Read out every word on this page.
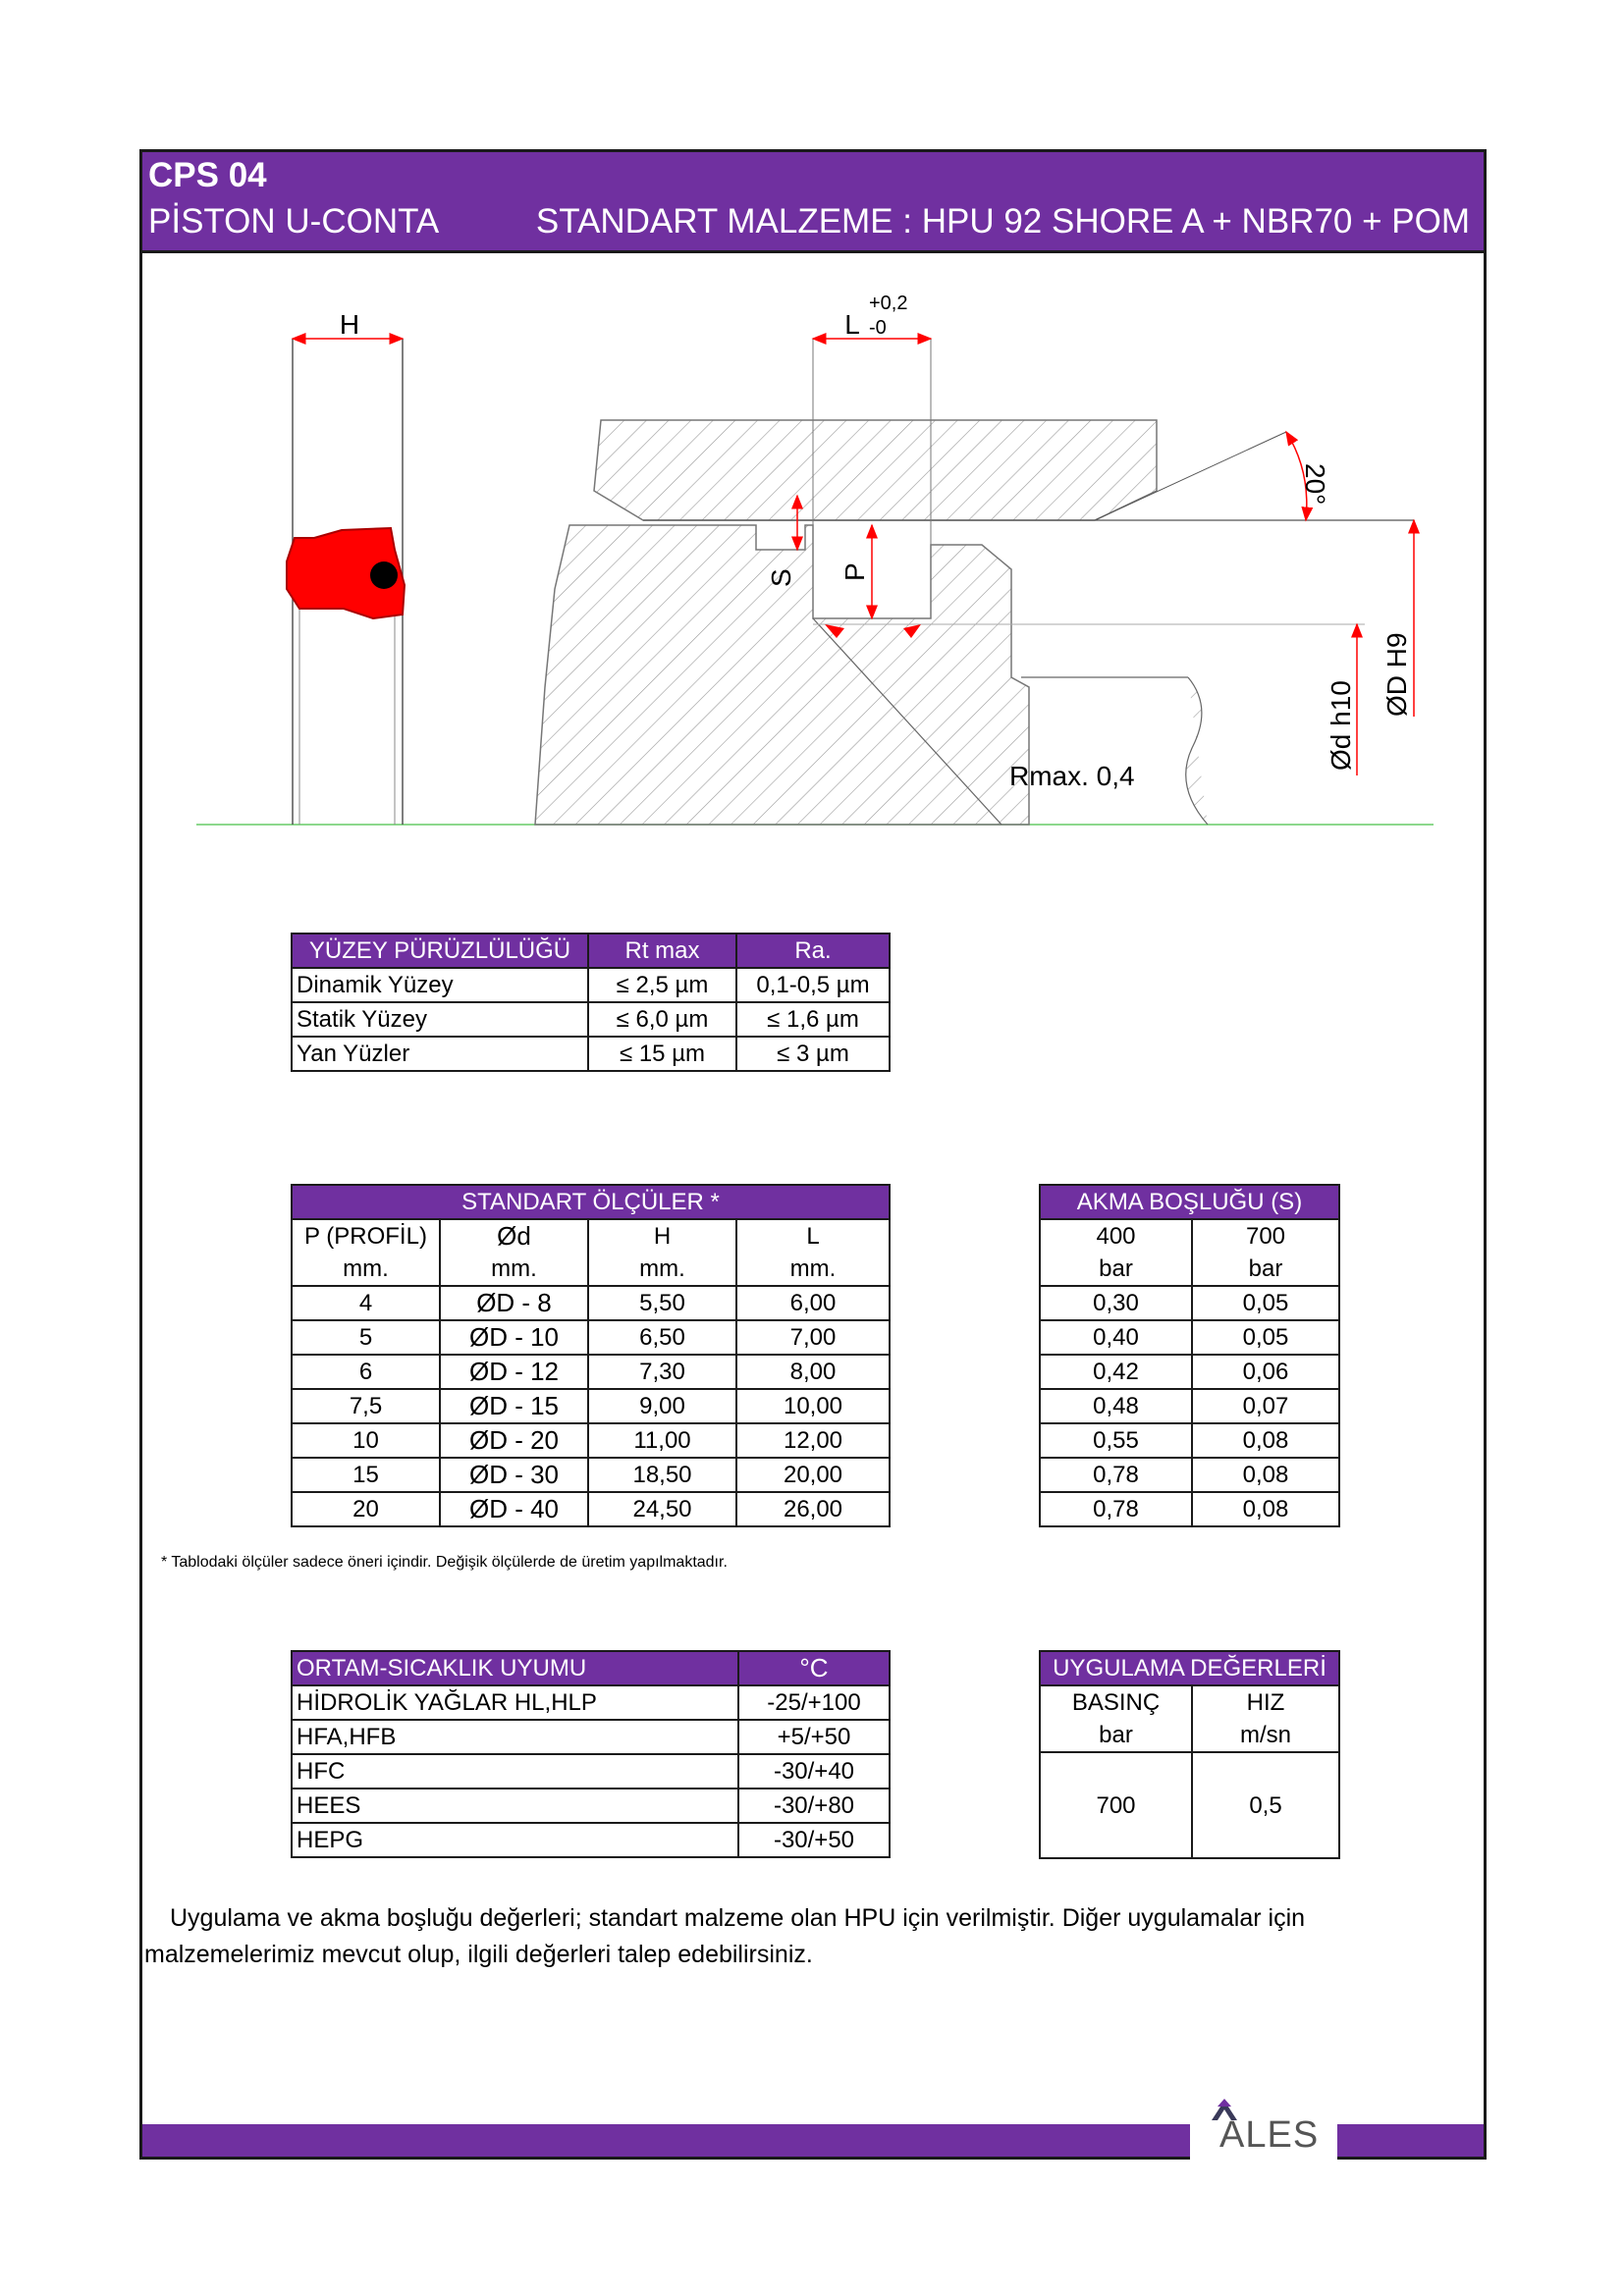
CPS 04
PİSTON U-CONTA	STANDART MALZEME : HPU 92 SHORE A + NBR70 + POM
H	L
+0,2
-0
S P
20°
Rmax. 0,4
Ød h10
ØD H9
YÜZEY PÜRÜZLÜLÜĞÜ	Rt max	Ra.
Dinamik Yüzey	≤ 2,5 µm	0,1-0,5 µm
Statik Yüzey	≤ 6,0 µm	≤ 1,6 µm
Yan Yüzler	≤ 15 µm	≤ 3 µm
STANDART ÖLÇÜLER *			
P (PROFİL)	Ød	H	L
mm.	mm.	mm.	mm.
4	ØD - 8	5,50	6,00
5	ØD - 10	6,50	7,00
6	ØD - 12	7,30	8,00
7,5	ØD - 15	9,00	10,00
10	ØD - 20	11,00	12,00
15	ØD - 30	18,50	20,00
20	ØD - 40	24,50	26,00
AKMA BOŞLUĞU (S)	
400	700
bar	bar
0,30	0,05
0,40	0,05
0,42	0,06
0,48	0,07
0,55	0,08
0,78	0,08
0,78	0,08
* Tablodaki ölçüler sadece öneri içindir. Değişik ölçülerde de üretim yapılmaktadır.
ORTAM-SICAKLIK UYUMU	°C
HİDROLİK YAĞLAR HL,HLP	-25/+100
HFA,HFB	+5/+50
HFC	-30/+40
HEES	-30/+80
HEPG	-30/+50
UYGULAMA DEĞERLERİ	
BASINÇ	HIZ
bar	m/sn
700	0,5
Uygulama ve akma boşluğu değerleri; standart malzeme olan HPU için verilmiştir. Diğer uygulamalar için malzemelerimiz mevcut olup, ilgili değerleri talep edebilirsiniz.
ALES
